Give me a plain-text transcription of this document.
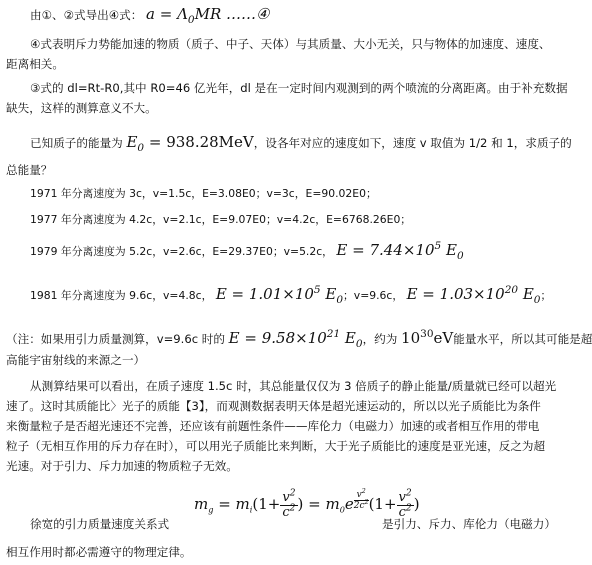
由①、②式导出④式： $a = \Lambda_0MR$ ……④
④式表明斥力势能加速的物质（质子、中子、天体）与其质量、大小无关，只与物体的加速度、速度、
距离相关。
③式的 dl=Rt-R0,其中 R0=46 亿光年，dl 是在一定时间内观测到的两个喷流的分离距离。由于补充数据
缺失，这样的测算意义不大。
已知质子的能量为 $E_0 = 938.28MeV$，设各年对应的速度如下，速度 v 取值为 1/2 和 1，求质子的
总能量？
1971 年分离速度为 3c，v=1.5c，E=3.08E0；v=3c，E=90.02E0；
1977 年分离速度为 4.2c，v=2.1c，E=9.07E0；v=4.2c，E=6768.26E0；
1979 年分离速度为 5.2c，v=2.6c，E=29.37E0；v=5.2c， $E = 7.44\times 10^5$ $E_0$
1981 年分离速度为 9.6c，v=4.8c， $E = 1.01\times 10^5$ $E_0$；v=9.6c， $E = 1.03\times 10^{20}$ $E_0$；
（注：如果用引力质量测算，v=9.6c 时的 $E = 9.58\times 10^{21}$ $E_0$，约为 $10^{30}eV$能量水平，所以其可能是超
高能宇宙射线的来源之一）
从测算结果可以看出，在质子速度 1.5c 时，其总能量仅仅为 3 倍质子的静止能量/质量就已经可以超光
速了。这时其质能比〉光子的质能【3】，而观测数据表明天体是超光速运动的，所以以光子质能比为条件
来衡量粒子是否超光速还不完善，还应该有前题性条件——库伦力（电磁力）加速的或者相互作用的带电
粒子（无相互作用的斥力存在时），可以用光子质能比来判断，大于光子质能比的速度是亚光速，反之为超
光速。对于引力、斥力加速的物质粒子无效。
$m_g = m_i(1+ \frac{v^2}{c^2}$ ) = $m_0e \frac{v^2}{2c^2} (1+ \frac{v^2}{c^2}$ )
徐宽的引力质量速度关系式	是引力、斥力、库伦力（电磁力）
相互作用时都必需遵守的物理定律。
